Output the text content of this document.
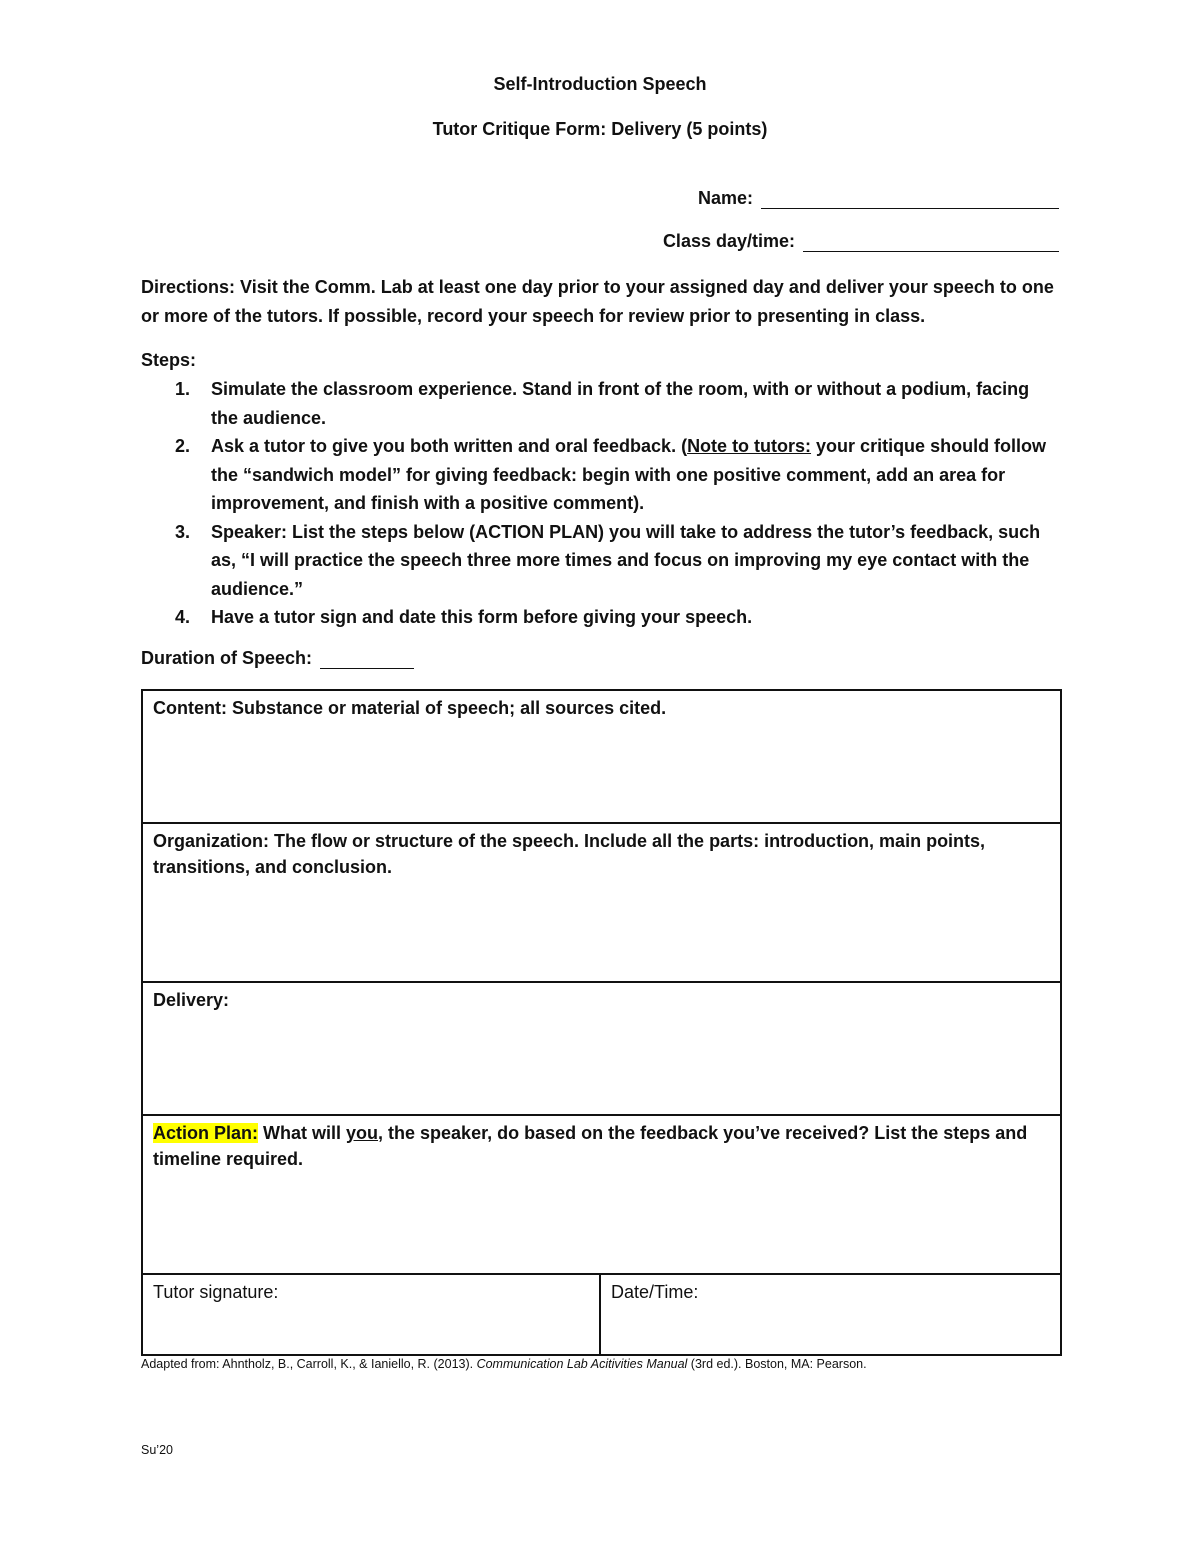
Self-Introduction Speech
Tutor Critique Form: Delivery (5 points)
Name:
Class day/time:
Directions: Visit the Comm. Lab at least one day prior to your assigned day and deliver your speech to one or more of the tutors. If possible, record your speech for review prior to presenting in class.
Steps:
1. Simulate the classroom experience. Stand in front of the room, with or without a podium, facing the audience.
2. Ask a tutor to give you both written and oral feedback. (Note to tutors: your critique should follow the “sandwich model” for giving feedback: begin with one positive comment, add an area for improvement, and finish with a positive comment).
3. Speaker: List the steps below (ACTION PLAN) you will take to address the tutor’s feedback, such as, “I will practice the speech three more times and focus on improving my eye contact with the audience.”
4. Have a tutor sign and date this form before giving your speech.
Duration of Speech:
Content: Substance or material of speech; all sources cited.
Organization: The flow or structure of the speech. Include all the parts: introduction, main points, transitions, and conclusion.
Delivery:
Action Plan: What will you, the speaker, do based on the feedback you’ve received? List the steps and timeline required.
Tutor signature:	Date/Time:
Adapted from: Ahntholz, B., Carroll, K., & Ianiello, R. (2013). Communication Lab Acitivities Manual (3rd ed.). Boston, MA: Pearson.
Su’20
